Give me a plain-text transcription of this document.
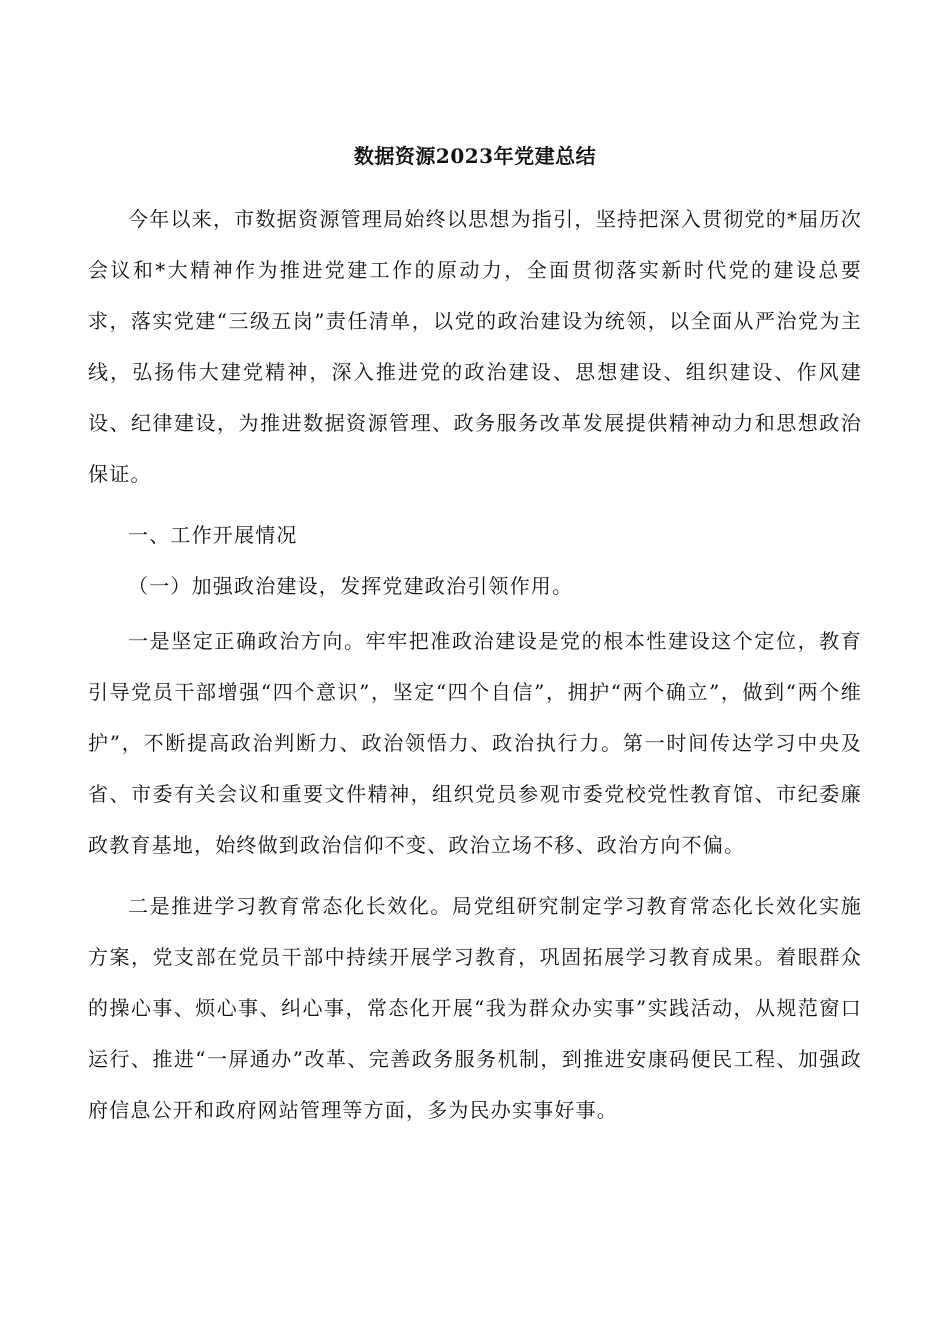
数据资源2023年党建总结

今年以来，市数据资源管理局始终以思想为指引，坚持把深入贯彻党的*届历次会议和*大精神作为推进党建工作的原动力，全面贯彻落实新时代党的建设总要求，落实党建“三级五岗”责任清单，以党的政治建设为统领，以全面从严治党为主线，弘扬伟大建党精神，深入推进党的政治建设、思想建设、组织建设、作风建设、纪律建设，为推进数据资源管理、政务服务改革发展提供精神动力和思想政治保证。

一、工作开展情况

（一）加强政治建设，发挥党建政治引领作用。

一是坚定正确政治方向。牢牢把准政治建设是党的根本性建设这个定位，教育引导党员干部增强“四个意识”，坚定“四个自信”，拥护“两个确立”，做到“两个维护”，不断提高政治判断力、政治领悟力、政治执行力。第一时间传达学习中央及省、市委有关会议和重要文件精神，组织党员参观市委党校党性教育馆、市纪委廉政教育基地，始终做到政治信仰不变、政治立场不移、政治方向不偏。

二是推进学习教育常态化长效化。局党组研究制定学习教育常态化长效化实施方案，党支部在党员干部中持续开展学习教育，巩固拓展学习教育成果。着眼群众的操心事、烦心事、纠心事，常态化开展“我为群众办实事”实践活动，从规范窗口运行、推进“一屏通办”改革、完善政务服务机制，到推进安康码便民工程、加强政府信息公开和政府网站管理等方面，多为民办实事好事。
